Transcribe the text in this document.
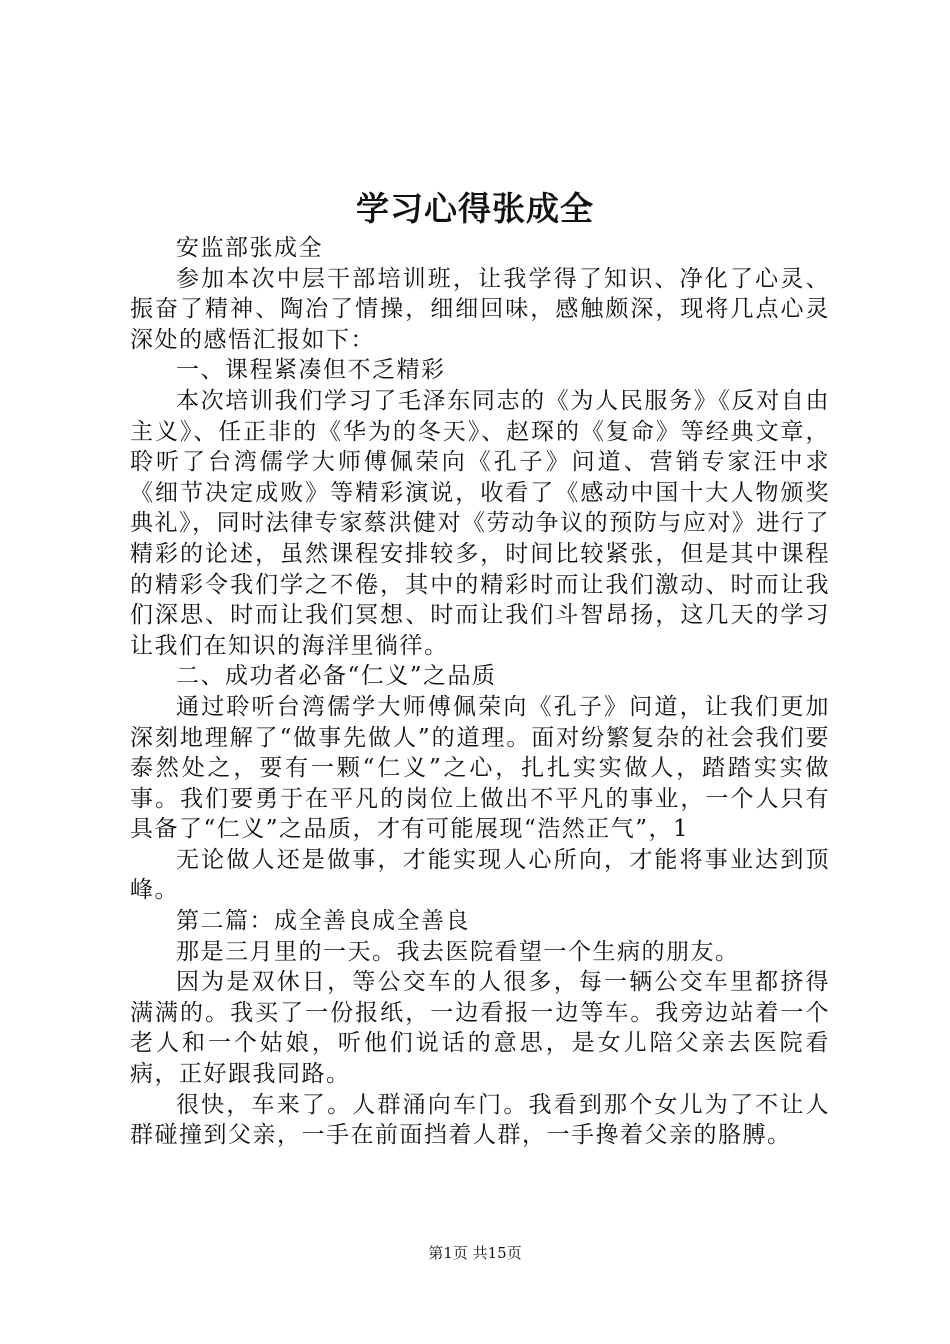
学习心得张成全

安监部张成全

参加本次中层干部培训班，让我学得了知识、净化了心灵、振奋了精神、陶冶了情操，细细回味，感触颇深，现将几点心灵深处的感悟汇报如下：

一、课程紧凑但不乏精彩

本次培训我们学习了毛泽东同志的《为人民服务》《反对自由主义》、任正非的《华为的冬天》、赵琛的《复命》等经典文章，聆听了台湾儒学大师傅佩荣向《孔子》问道、营销专家汪中求《细节决定成败》等精彩演说，收看了《感动中国十大人物颁奖典礼》，同时法律专家蔡洪健对《劳动争议的预防与应对》进行了精彩的论述，虽然课程安排较多，时间比较紧张，但是其中课程的精彩令我们学之不倦，其中的精彩时而让我们激动、时而让我们深思、时而让我们冥想、时而让我们斗智昂扬，这几天的学习让我们在知识的海洋里徜徉。

二、成功者必备“仁义”之品质

通过聆听台湾儒学大师傅佩荣向《孔子》问道，让我们更加深刻地理解了“做事先做人”的道理。面对纷繁复杂的社会我们要泰然处之，要有一颗“仁义”之心，扎扎实实做人，踏踏实实做事。我们要勇于在平凡的岗位上做出不平凡的事业，一个人只有具备了“仁义”之品质，才有可能展现“浩然正气”，1

无论做人还是做事，才能实现人心所向，才能将事业达到顶峰。

第二篇：成全善良成全善良

那是三月里的一天。我去医院看望一个生病的朋友。

因为是双休日，等公交车的人很多，每一辆公交车里都挤得满满的。我买了一份报纸，一边看报一边等车。我旁边站着一个老人和一个姑娘，听他们说话的意思，是女儿陪父亲去医院看病，正好跟我同路。

很快，车来了。人群涌向车门。我看到那个女儿为了不让人群碰撞到父亲，一手在前面挡着人群，一手搀着父亲的胳膊。

第1页 共15页
